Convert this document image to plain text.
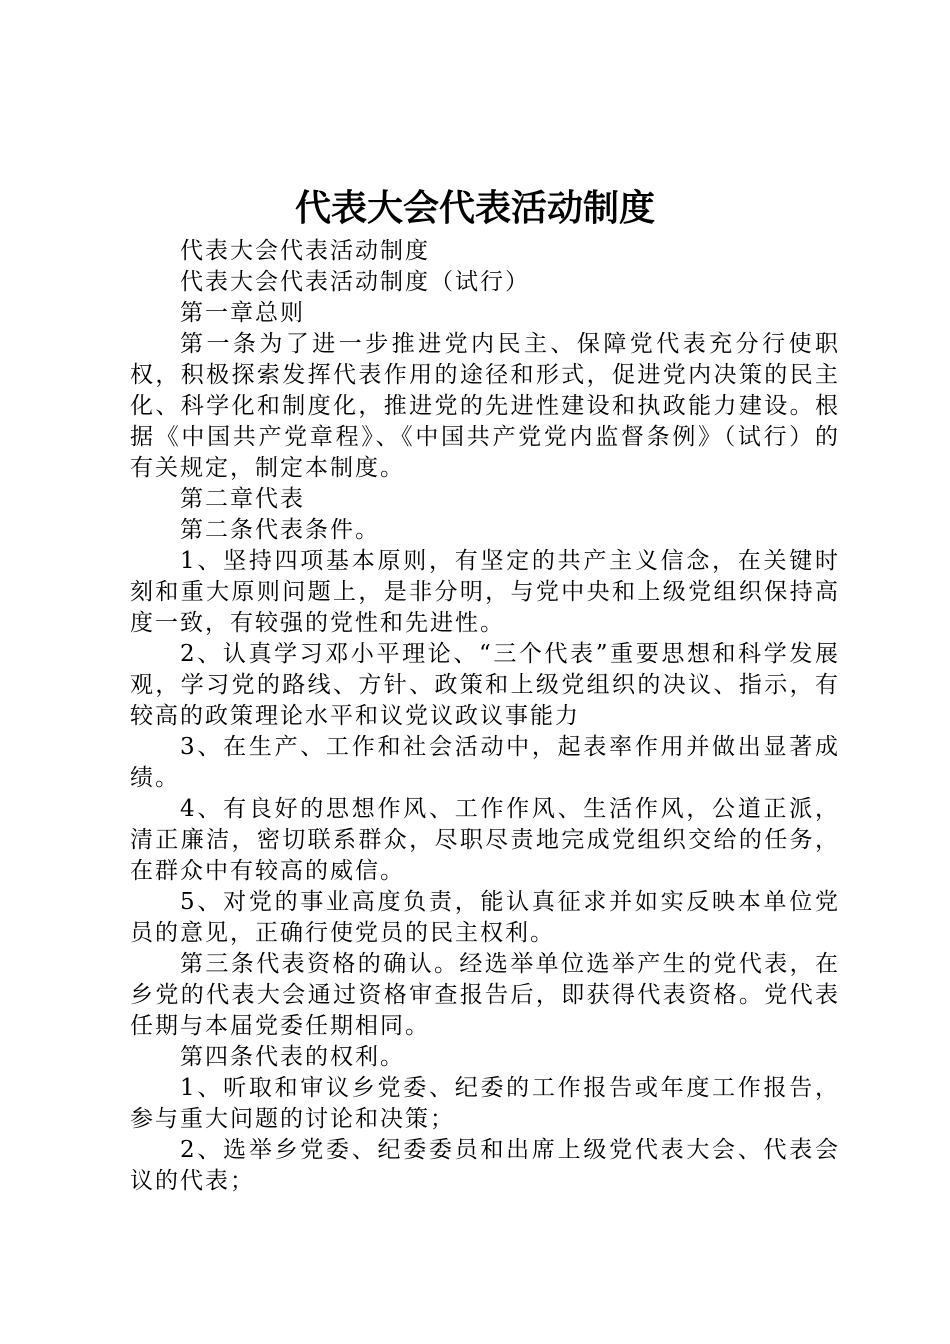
代表大会代表活动制度

代表大会代表活动制度

代表大会代表活动制度（试行）

第一章总则

第一条为了进一步推进党内民主、保障党代表充分行使职权，积极探索发挥代表作用的途径和形式，促进党内决策的民主化、科学化和制度化，推进党的先进性建设和执政能力建设。根据《中国共产党章程》、《中国共产党党内监督条例》（试行）的有关规定，制定本制度。

第二章代表

第二条代表条件。

1、坚持四项基本原则，有坚定的共产主义信念，在关键时刻和重大原则问题上，是非分明，与党中央和上级党组织保持高度一致，有较强的党性和先进性。

2、认真学习邓小平理论、“三个代表”重要思想和科学发展观，学习党的路线、方针、政策和上级党组织的决议、指示，有较高的政策理论水平和议党议政议事能力

3、在生产、工作和社会活动中，起表率作用并做出显著成绩。

4、有良好的思想作风、工作作风、生活作风，公道正派，清正廉洁，密切联系群众，尽职尽责地完成党组织交给的任务，在群众中有较高的威信。

5、对党的事业高度负责，能认真征求并如实反映本单位党员的意见，正确行使党员的民主权利。

第三条代表资格的确认。经选举单位选举产生的党代表，在乡党的代表大会通过资格审查报告后，即获得代表资格。党代表任期与本届党委任期相同。

第四条代表的权利。

1、听取和审议乡党委、纪委的工作报告或年度工作报告，参与重大问题的讨论和决策；

2、选举乡党委、纪委委员和出席上级党代表大会、代表会议的代表；
